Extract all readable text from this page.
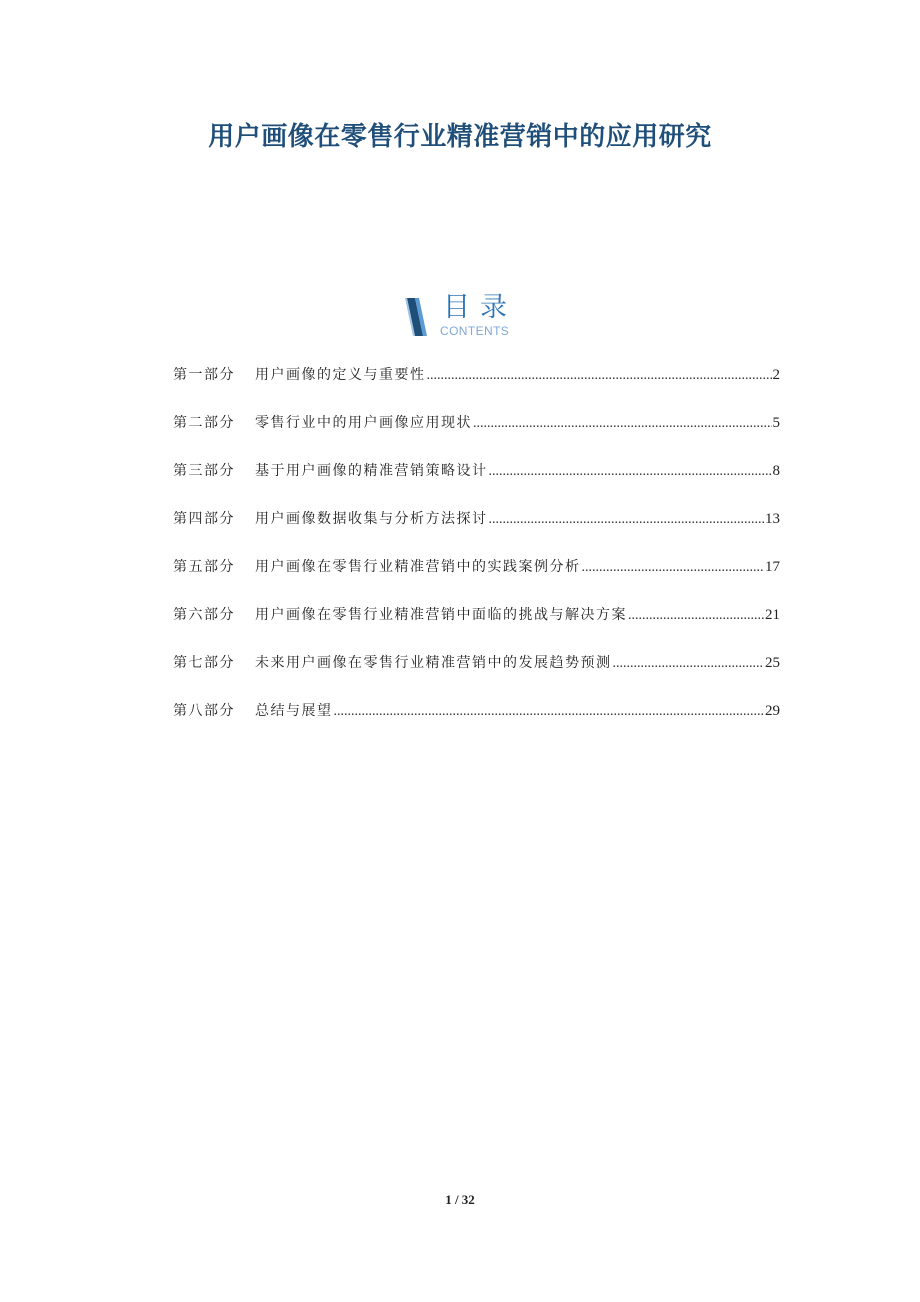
用户画像在零售行业精准营销中的应用研究
目录
CONTENTS
第一部分	用户画像的定义与重要性 .....	2
第二部分	零售行业中的用户画像应用现状 .....	5
第三部分	基于用户画像的精准营销策略设计 .....	8
第四部分	用户画像数据收集与分析方法探讨 .....	13
第五部分	用户画像在零售行业精准营销中的实践案例分析 .....	17
第六部分	用户画像在零售行业精准营销中面临的挑战与解决方案 .....	21
第七部分	未来用户画像在零售行业精准营销中的发展趋势预测 .....	25
第八部分	总结与展望 .....	29
1 / 32
